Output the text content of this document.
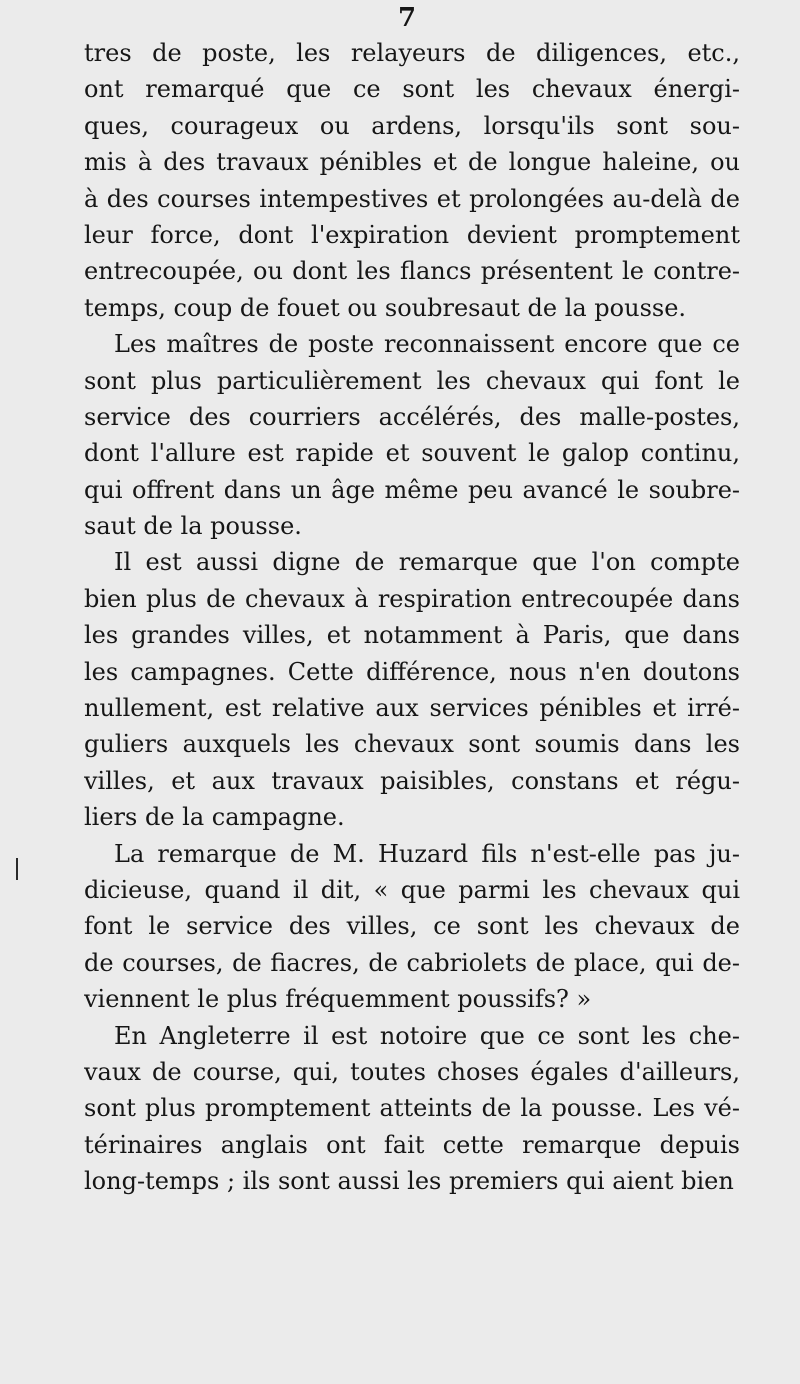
7
tres de poste, les relayeurs de diligences, etc.,
ont remarqué que ce sont les chevaux énergi-
ques, courageux ou ardens, lorsqu'ils sont sou-
mis à des travaux pénibles et de longue haleine, ou
à des courses intempestives et prolongées au-delà de
leur force, dont l'expiration devient promptement
entrecoupée, ou dont les flancs présentent le contre-
temps, coup de fouet ou soubresaut de la pousse.
Les maîtres de poste reconnaissent encore que ce
sont plus particulièrement les chevaux qui font le
service des courriers accélérés, des malle-postes,
dont l'allure est rapide et souvent le galop continu,
qui offrent dans un âge même peu avancé le soubre-
saut de la pousse.
Il est aussi digne de remarque que l'on compte
bien plus de chevaux à respiration entrecoupée dans
les grandes villes, et notamment à Paris, que dans
les campagnes. Cette différence, nous n'en doutons
nullement, est relative aux services pénibles et irré-
guliers auxquels les chevaux sont soumis dans les
villes, et aux travaux paisibles, constans et régu-
liers de la campagne.
La remarque de M. Huzard fils n'est-elle pas ju-
dicieuse, quand il dit, « que parmi les chevaux qui
font le service des villes, ce sont les chevaux de
de courses, de fiacres, de cabriolets de place, qui de-
viennent le plus fréquemment poussifs? »
En Angleterre il est notoire que ce sont les che-
vaux de course, qui, toutes choses égales d'ailleurs,
sont plus promptement atteints de la pousse. Les vé-
térinaires anglais ont fait cette remarque depuis
long-temps ; ils sont aussi les premiers qui aient bien
